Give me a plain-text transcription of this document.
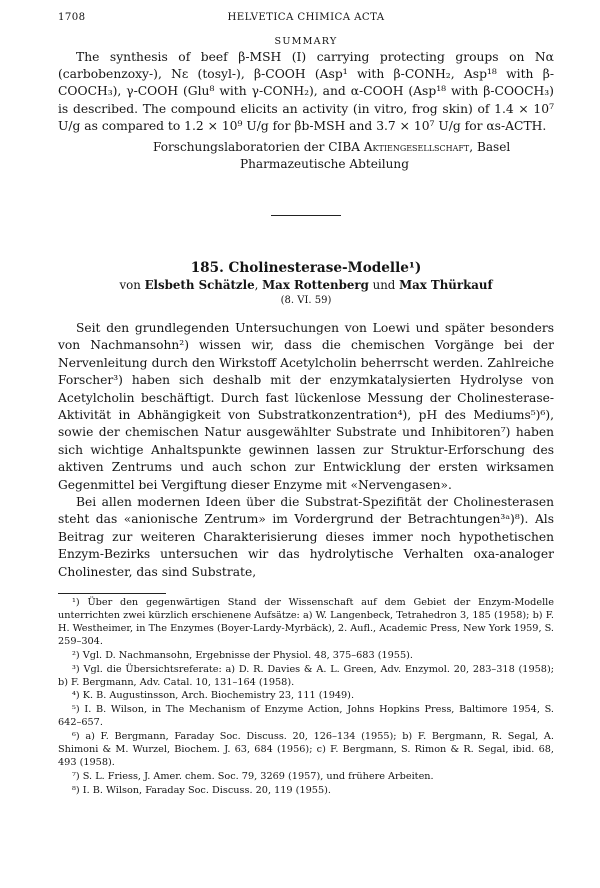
1708	HELVETICA CHIMICA ACTA
SUMMARY

The synthesis of beef β-MSH (I) carrying protecting groups on Nα (carbobenzoxy-), Nε (tosyl-), β-COOH (Asp¹ with β-CONH₂, Asp¹⁸ with β-COOCH₃), γ-COOH (Glu⁸ with γ-CONH₂), and α-COOH (Asp¹⁸ with β-COOCH₃) is described. The compound elicits an activity (in vitro, frog skin) of 1.4 × 10⁷ U/g as compared to 1.2 × 10⁹ U/g for βb-MSH and 3.7 × 10⁷ U/g for αs-ACTH.

Forschungslaboratorien der CIBA Aktiengesellschaft, Basel
Pharmazeutische Abteilung
185. Cholinesterase-Modelle¹)
von Elsbeth Schätzle, Max Rottenberg und Max Thürkauf
(8. VI. 59)

Seit den grundlegenden Untersuchungen von Loewi und später besonders von Nachmansohn²) wissen wir, dass die chemischen Vorgänge bei der Nervenleitung durch den Wirkstoff Acetylcholin beherrscht werden. Zahlreiche Forscher³) haben sich deshalb mit der enzymkatalysierten Hydrolyse von Acetylcholin beschäftigt. Durch fast lückenlose Messung der Cholinesterase-Aktivität in Abhängigkeit von Substratkonzentration⁴), pH des Mediums⁵)⁶), sowie der chemischen Natur ausgewählter Substrate und Inhibitoren⁷) haben sich wichtige Anhaltspunkte gewinnen lassen zur Struktur-Erforschung des aktiven Zentrums und auch schon zur Entwicklung der ersten wirksamen Gegenmittel bei Vergiftung dieser Enzyme mit «Nervengasen».

Bei allen modernen Ideen über die Substrat-Spezifität der Cholinesterasen steht das «anionische Zentrum» im Vordergrund der Betrachtungen³ᵃ)⁸). Als Beitrag zur weiteren Charakterisierung dieses immer noch hypothetischen Enzym-Bezirks untersuchen wir das hydrolytische Verhalten oxa-analoger Cholinester, das sind Substrate,

¹) Über den gegenwärtigen Stand der Wissenschaft auf dem Gebiet der Enzym-Modelle unterrichten zwei kürzlich erschienene Aufsätze: a) W. Langenbeck, Tetrahedron 3, 185 (1958); b) F. H. Westheimer, in The Enzymes (Boyer-Lardy-Myrbäck), 2. Aufl., Academic Press, New York 1959, S. 259–304.

²) Vgl. D. Nachmansohn, Ergebnisse der Physiol. 48, 375–683 (1955).

³) Vgl. die Übersichtsreferate: a) D. R. Davies & A. L. Green, Adv. Enzymol. 20, 283–318 (1958); b) F. Bergmann, Adv. Catal. 10, 131–164 (1958).

⁴) K. B. Augustinsson, Arch. Biochemistry 23, 111 (1949).

⁵) I. B. Wilson, in The Mechanism of Enzyme Action, Johns Hopkins Press, Baltimore 1954, S. 642–657.

⁶) a) F. Bergmann, Faraday Soc. Discuss. 20, 126–134 (1955); b) F. Bergmann, R. Segal, A. Shimoni & M. Wurzel, Biochem. J. 63, 684 (1956); c) F. Bergmann, S. Rimon & R. Segal, ibid. 68, 493 (1958).

⁷) S. L. Friess, J. Amer. chem. Soc. 79, 3269 (1957), und frühere Arbeiten.

⁸) I. B. Wilson, Faraday Soc. Discuss. 20, 119 (1955).
